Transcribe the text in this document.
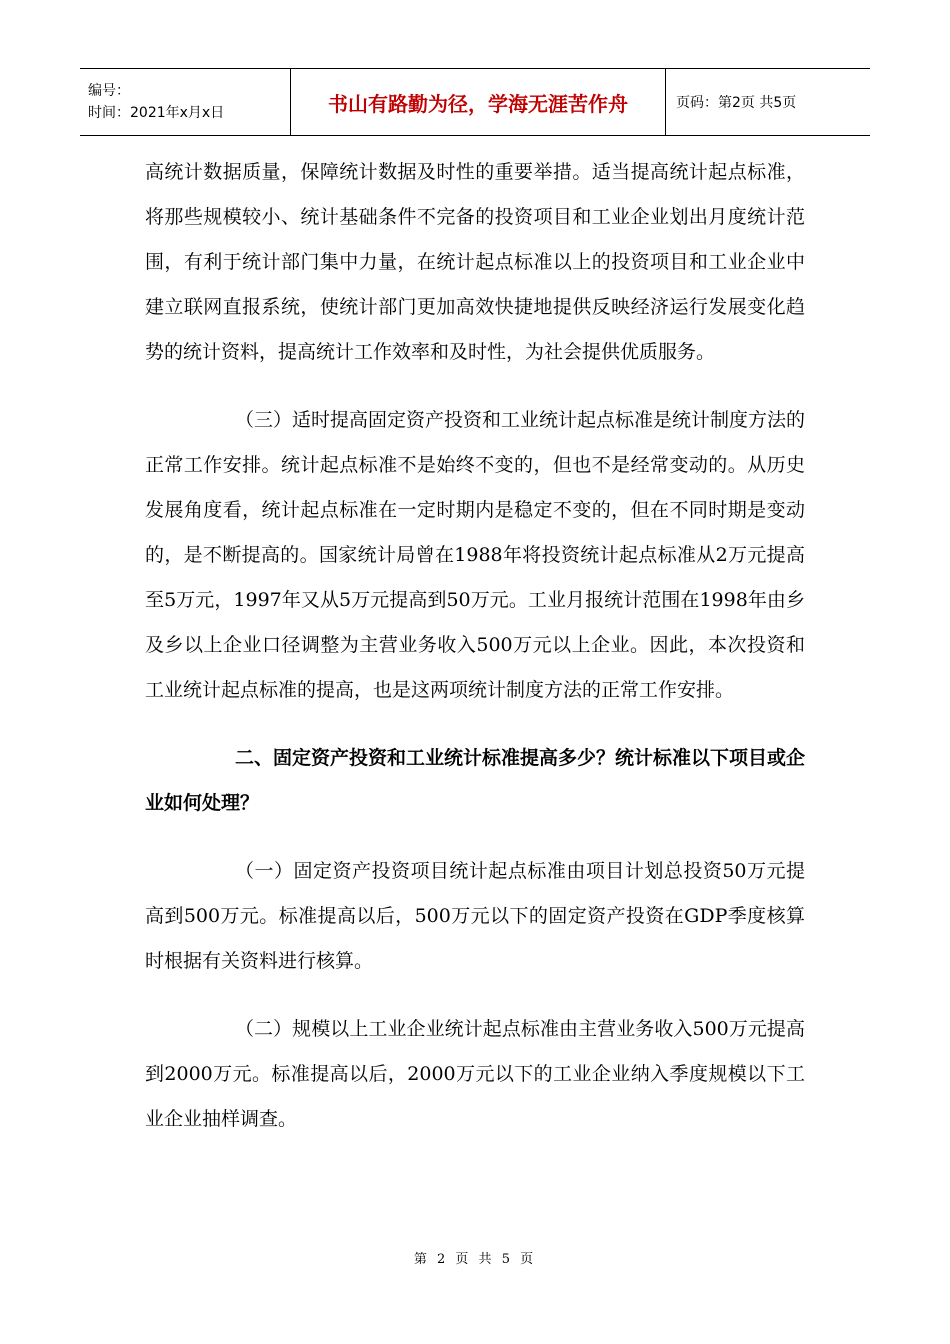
编号：
时间：2021年x月x日	书山有路勤为径，学海无涯苦作舟	页码：第2页 共5页

高统计数据质量，保障统计数据及时性的重要举措。适当提高统计起点标准，将那些规模较小、统计基础条件不完备的投资项目和工业企业划出月度统计范围，有利于统计部门集中力量，在统计起点标准以上的投资项目和工业企业中建立联网直报系统，使统计部门更加高效快捷地提供反映经济运行发展变化趋势的统计资料，提高统计工作效率和及时性，为社会提供优质服务。

（三）适时提高固定资产投资和工业统计起点标准是统计制度方法的正常工作安排。统计起点标准不是始终不变的，但也不是经常变动的。从历史发展角度看，统计起点标准在一定时期内是稳定不变的，但在不同时期是变动的，是不断提高的。国家统计局曾在1988年将投资统计起点标准从2万元提高至5万元，1997年又从5万元提高到50万元。工业月报统计范围在1998年由乡及乡以上企业口径调整为主营业务收入500万元以上企业。因此，本次投资和工业统计起点标准的提高，也是这两项统计制度方法的正常工作安排。

二、固定资产投资和工业统计标准提高多少？统计标准以下项目或企业如何处理？

（一）固定资产投资项目统计起点标准由项目计划总投资50万元提高到500万元。标准提高以后，500万元以下的固定资产投资在GDP季度核算时根据有关资料进行核算。

（二）规模以上工业企业统计起点标准由主营业务收入500万元提高到2000万元。标准提高以后，2000万元以下的工业企业纳入季度规模以下工业企业抽样调查。

第 2 页 共 5 页
